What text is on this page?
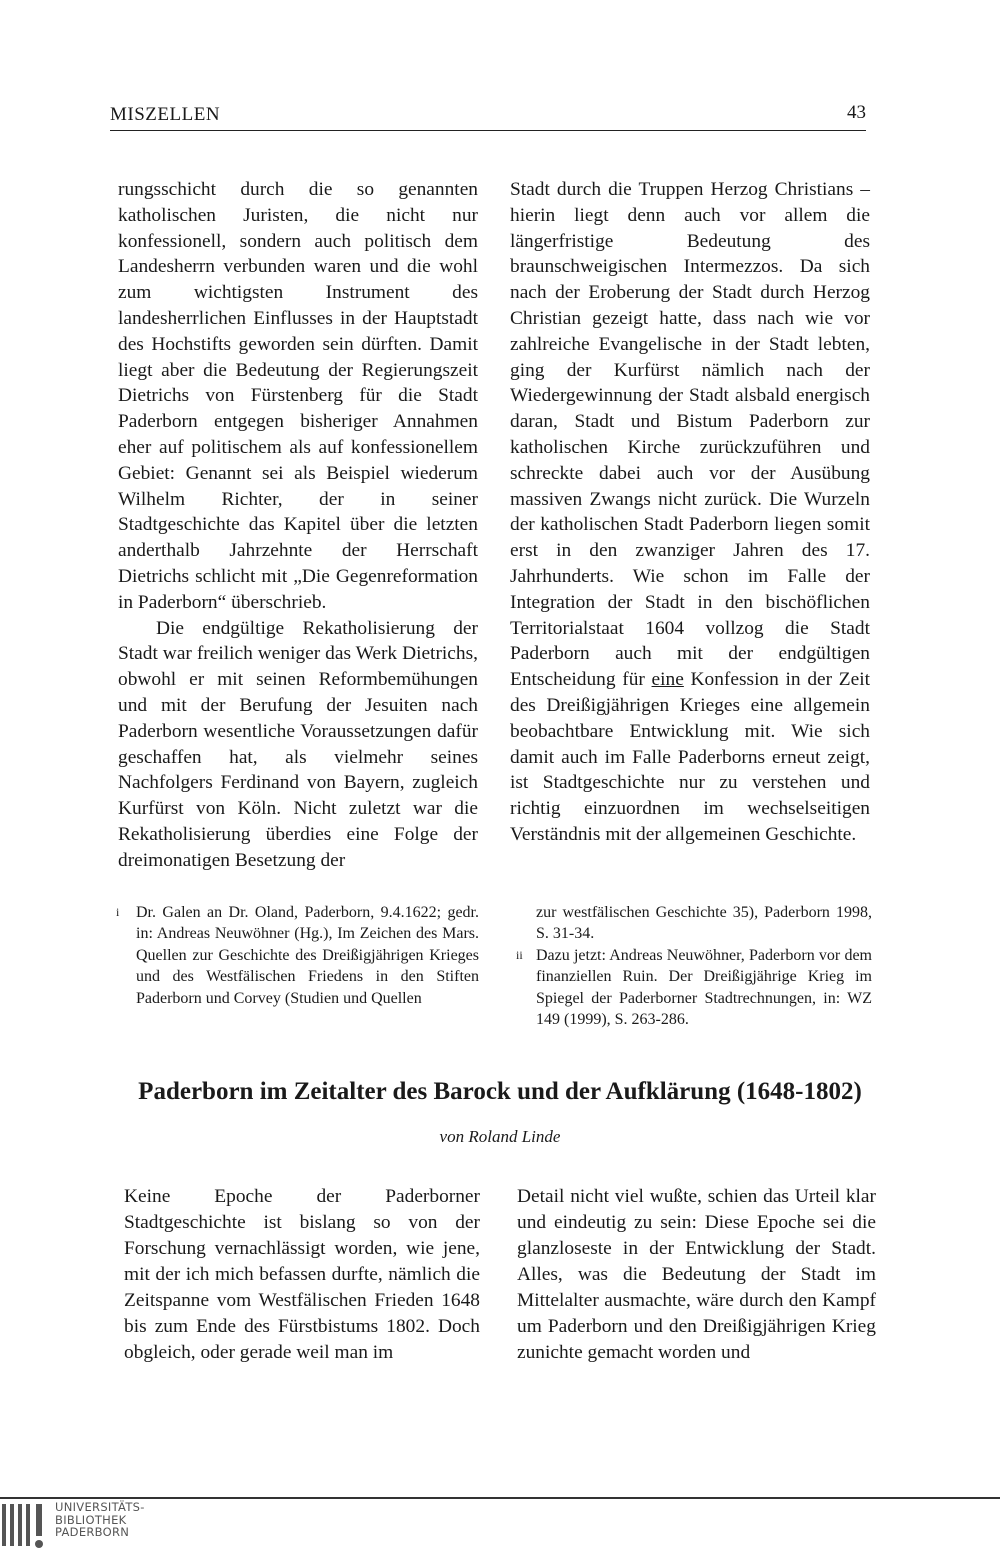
MISZELLEN	43

rungsschicht durch die so genannten katholischen Juristen, die nicht nur konfessionell, sondern auch politisch dem Landesherrn verbunden waren und die wohl zum wichtigsten Instrument des landesherrlichen Einflusses in der Hauptstadt des Hochstifts geworden sein dürften. Damit liegt aber die Bedeutung der Regierungszeit Dietrichs von Fürstenberg für die Stadt Paderborn entgegen bisheriger Annahmen eher auf politischem als auf konfessionellem Gebiet: Genannt sei als Beispiel wiederum Wilhelm Richter, der in seiner Stadtgeschichte das Kapitel über die letzten anderthalb Jahrzehnte der Herrschaft Dietrichs schlicht mit „Die Gegenreformation in Paderborn“ überschrieb.

Die endgültige Rekatholisierung der Stadt war freilich weniger das Werk Dietrichs, obwohl er mit seinen Reformbemühungen und mit der Berufung der Jesuiten nach Paderborn wesentliche Voraussetzungen dafür geschaffen hat, als vielmehr seines Nachfolgers Ferdinand von Bayern, zugleich Kurfürst von Köln. Nicht zuletzt war die Rekatholisierung überdies eine Folge der dreimonatigen Besetzung der

Stadt durch die Truppen Herzog Christians – hierin liegt denn auch vor allem die längerfristige Bedeutung des braunschweigischen Intermezzos. Da sich nach der Eroberung der Stadt durch Herzog Christian gezeigt hatte, dass nach wie vor zahlreiche Evangelische in der Stadt lebten, ging der Kurfürst nämlich nach der Wiedergewinnung der Stadt alsbald energisch daran, Stadt und Bistum Paderborn zur katholischen Kirche zurückzuführen und schreckte dabei auch vor der Ausübung massiven Zwangs nicht zurück. Die Wurzeln der katholischen Stadt Paderborn liegen somit erst in den zwanziger Jahren des 17. Jahrhunderts. Wie schon im Falle der Integration der Stadt in den bischöflichen Territorialstaat 1604 vollzog die Stadt Paderborn auch mit der endgültigen Entscheidung für eine Konfession in der Zeit des Dreißigjährigen Krieges eine allgemein beobachtbare Entwicklung mit. Wie sich damit auch im Falle Paderborns erneut zeigt, ist Stadtgeschichte nur zu verstehen und richtig einzuordnen im wechselseitigen Verständnis mit der allgemeinen Geschichte.

i Dr. Galen an Dr. Oland, Paderborn, 9.4.1622; gedr. in: Andreas Neuwöhner (Hg.), Im Zeichen des Mars. Quellen zur Geschichte des Dreißigjährigen Krieges und des Westfälischen Friedens in den Stiften Paderborn und Corvey (Studien und Quellen
zur westfälischen Geschichte 35), Paderborn 1998, S. 31-34.
ii Dazu jetzt: Andreas Neuwöhner, Paderborn vor dem finanziellen Ruin. Der Dreißigjährige Krieg im Spiegel der Paderborner Stadtrechnungen, in: WZ 149 (1999), S. 263-286.
Paderborn im Zeitalter des Barock und der Aufklärung (1648-1802)
von Roland Linde

Keine Epoche der Paderborner Stadtgeschichte ist bislang so von der Forschung vernachlässigt worden, wie jene, mit der ich mich befassen durfte, nämlich die Zeitspanne vom Westfälischen Frieden 1648 bis zum Ende des Fürstbistums 1802. Doch obgleich, oder gerade weil man im

Detail nicht viel wußte, schien das Urteil klar und eindeutig zu sein: Diese Epoche sei die glanzloseste in der Entwicklung der Stadt. Alles, was die Bedeutung der Stadt im Mittelalter ausmachte, wäre durch den Kampf um Paderborn und den Dreißigjährigen Krieg zunichte gemacht worden und

UNIVERSITÄTS-
BIBLIOTHEK
PADERBORN
